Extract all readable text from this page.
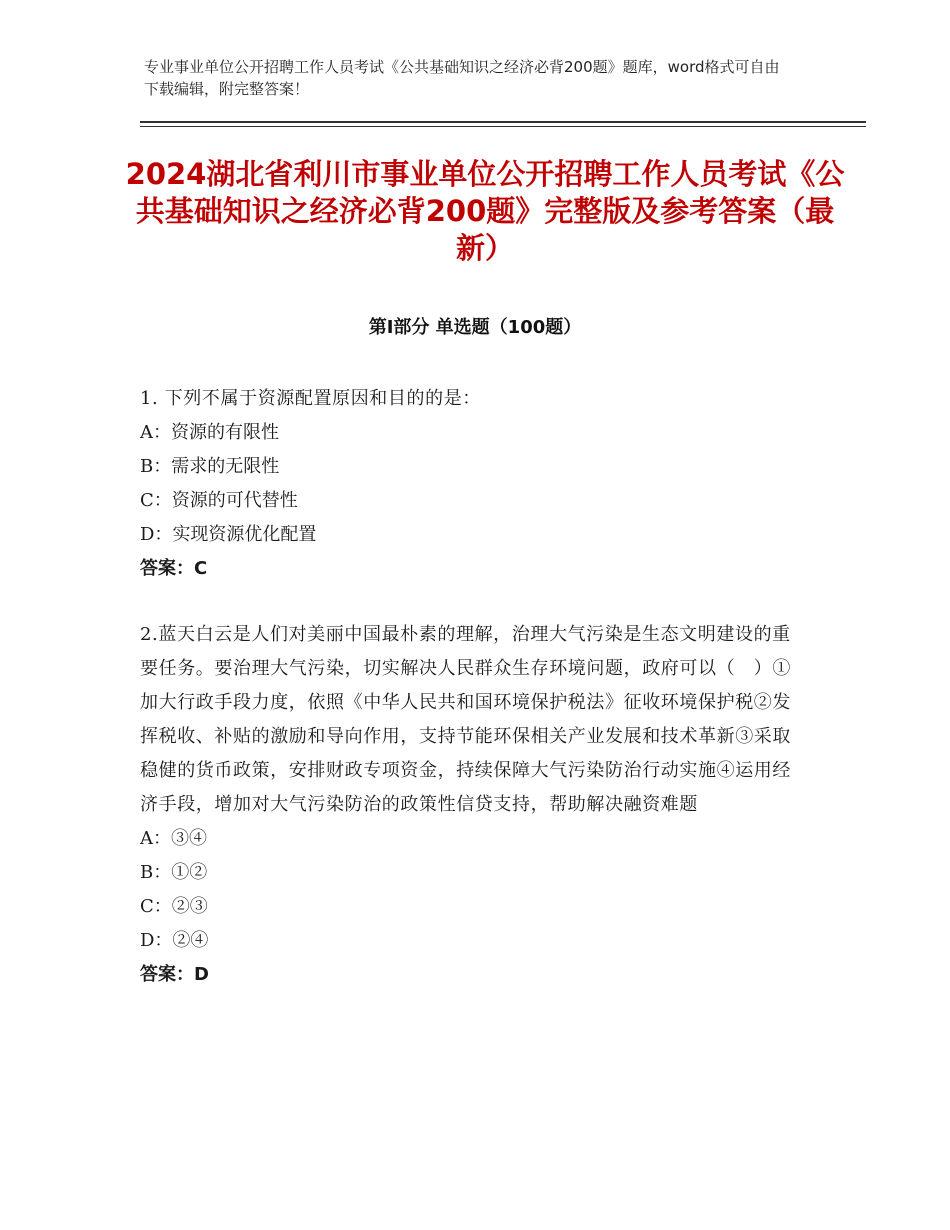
专业事业单位公开招聘工作人员考试《公共基础知识之经济必背200题》题库，word格式可自由下载编辑，附完整答案！
2024湖北省利川市事业单位公开招聘工作人员考试《公共基础知识之经济必背200题》完整版及参考答案（最新）
第Ⅰ部分 单选题（100题）

1. 下列不属于资源配置原因和目的的是：

A：资源的有限性

B：需求的无限性

C：资源的可代替性

D：实现资源优化配置

答案：C

2.蓝天白云是人们对美丽中国最朴素的理解，治理大气污染是生态文明建设的重要任务。要治理大气污染，切实解决人民群众生存环境问题，政府可以（　）①加大行政手段力度，依照《中华人民共和国环境保护税法》征收环境保护税②发挥税收、补贴的激励和导向作用，支持节能环保相关产业发展和技术革新③采取稳健的货币政策，安排财政专项资金，持续保障大气污染防治行动实施④运用经济手段，增加对大气污染防治的政策性信贷支持，帮助解决融资难题

A：③④

B：①②

C：②③

D：②④

答案：D
